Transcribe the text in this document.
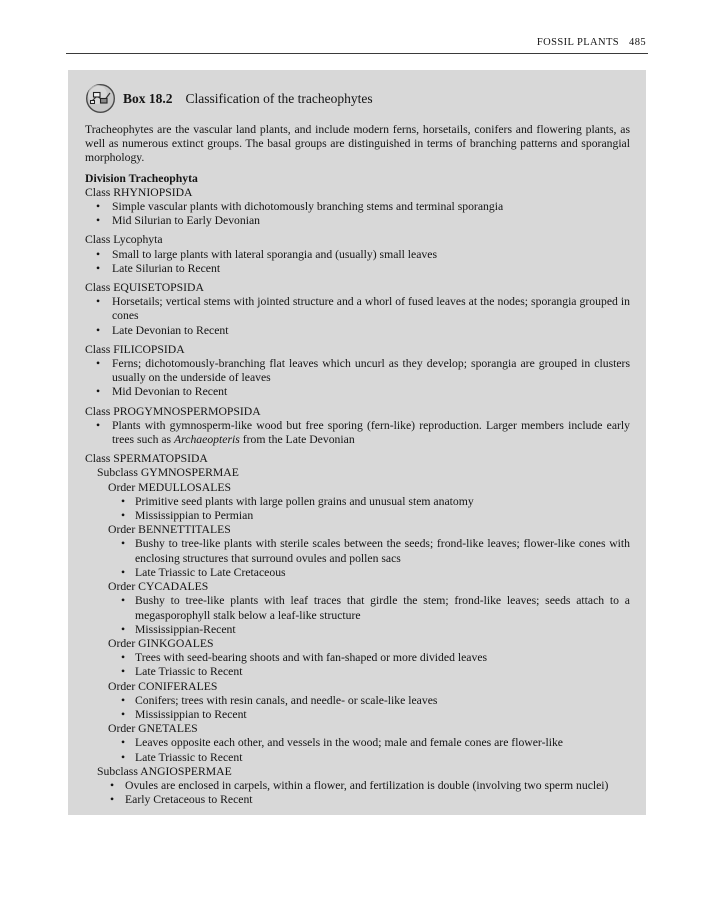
FOSSIL PLANTS 485
Box 18.2 Classification of the tracheophytes

Tracheophytes are the vascular land plants, and include modern ferns, horsetails, conifers and flowering plants, as well as numerous extinct groups. The basal groups are distinguished in terms of branching patterns and sporangial morphology.

Division Tracheophyta
Class RHYNIOPSIDA
• Simple vascular plants with dichotomously branching stems and terminal sporangia
• Mid Silurian to Early Devonian
Class Lycophyta
• Small to large plants with lateral sporangia and (usually) small leaves
• Late Silurian to Recent
Class EQUISETOPSIDA
• Horsetails; vertical stems with jointed structure and a whorl of fused leaves at the nodes; sporangia grouped in cones
• Late Devonian to Recent
Class FILICOPSIDA
• Ferns; dichotomously-branching flat leaves which uncurl as they develop; sporangia are grouped in clusters usually on the underside of leaves
• Mid Devonian to Recent
Class PROGYMNOSPERMOPSIDA
• Plants with gymnosperm-like wood but free sporing (fern-like) reproduction. Larger members include early trees such as Archaeopteris from the Late Devonian
Class SPERMATOPSIDA
Subclass GYMNOSPERMAE
Order MEDULLOSALES
• Primitive seed plants with large pollen grains and unusual stem anatomy
• Mississippian to Permian
Order BENNETTITALES
• Bushy to tree-like plants with sterile scales between the seeds; frond-like leaves; flower-like cones with enclosing structures that surround ovules and pollen sacs
• Late Triassic to Late Cretaceous
Order CYCADALES
• Bushy to tree-like plants with leaf traces that girdle the stem; frond-like leaves; seeds attach to a megasporophyll stalk below a leaf-like structure
• Mississippian-Recent
Order GINKGOALES
• Trees with seed-bearing shoots and with fan-shaped or more divided leaves
• Late Triassic to Recent
Order CONIFERALES
• Conifers; trees with resin canals, and needle- or scale-like leaves
• Mississippian to Recent
Order GNETALES
• Leaves opposite each other, and vessels in the wood; male and female cones are flower-like
• Late Triassic to Recent
Subclass ANGIOSPERMAE
• Ovules are enclosed in carpels, within a flower, and fertilization is double (involving two sperm nuclei)
• Early Cretaceous to Recent
